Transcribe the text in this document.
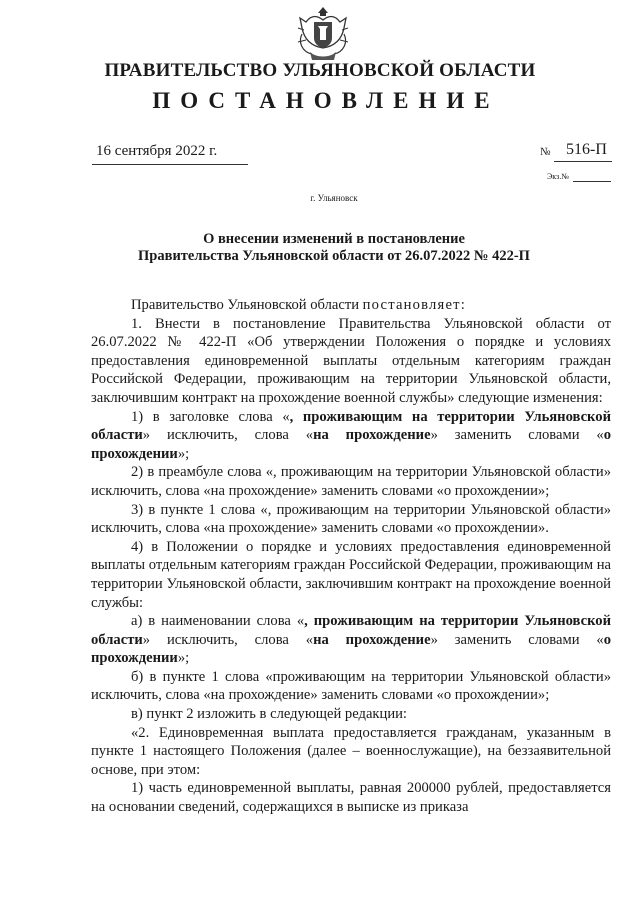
ПРАВИТЕЛЬСТВО УЛЬЯНОВСКОЙ ОБЛАСТИ
ПОСТАНОВЛЕНИЕ
16 сентября 2022 г.	№ 516-П
Экз.№
г. Ульяновск
О внесении изменений в постановление
Правительства Ульяновской области от 26.07.2022 № 422-П

Правительство Ульяновской области постановляет:

1. Внести в постановление Правительства Ульяновской области от 26.07.2022 № 422-П «Об утверждении Положения о порядке и условиях предоставления единовременной выплаты отдельным категориям граждан Российской Федерации, проживающим на территории Ульяновской области, заключившим контракт на прохождение военной службы» следующие изменения:

1) в заголовке слова «, проживающим на территории Ульяновской области» исключить, слова «на прохождение» заменить словами «о прохождении»;

2) в преамбуле слова «, проживающим на территории Ульяновской области» исключить, слова «на прохождение» заменить словами «о прохождении»;

3) в пункте 1 слова «, проживающим на территории Ульяновской области» исключить, слова «на прохождение» заменить словами «о прохождении».

4) в Положении о порядке и условиях предоставления единовременной выплаты отдельным категориям граждан Российской Федерации, проживающим на территории Ульяновской области, заключившим контракт на прохождение военной службы:

а) в наименовании слова «, проживающим на территории Ульяновской области» исключить, слова «на прохождение» заменить словами «о прохождении»;

б) в пункте 1 слова «проживающим на территории Ульяновской области» исключить, слова «на прохождение» заменить словами «о прохождении»;

в) пункт 2 изложить в следующей редакции:

«2. Единовременная выплата предоставляется гражданам, указанным в пункте 1 настоящего Положения (далее – военнослужащие), на беззаявительной основе, при этом:

1) часть единовременной выплаты, равная 200000 рублей, предоставляется на основании сведений, содержащихся в выписке из приказа
